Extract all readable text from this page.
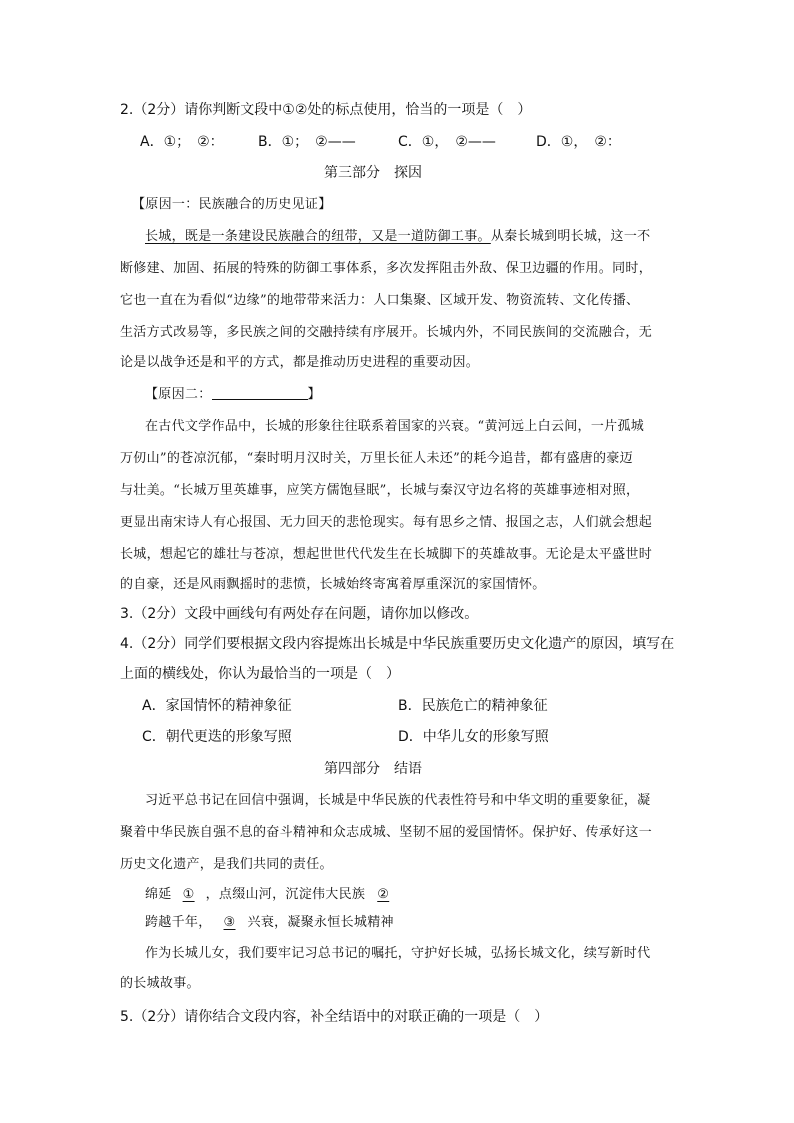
2.（2分）请你判断文段中①②处的标点使用，恰当的一项是（　）
A．①；　②： B．①；　②——	C．①，　②——	D．①，　②：
第三部分　探因
【原因一：民族融合的历史见证】
长城，既是一条建设民族融合的纽带，又是一道防御工事。从秦长城到明长城，这一不
断修建、加固、拓展的特殊的防御工事体系，多次发挥阻击外敌、保卫边疆的作用。同时，
它也一直在为看似“边缘”的地带带来活力：人口集聚、区域开发、物资流转、文化传播、
生活方式改易等，多民族之间的交融持续有序展开。长城内外，不同民族间的交流融合，无
论是以战争还是和平的方式，都是推动历史进程的重要动因。
【原因二：	】
在古代文学作品中，长城的形象往往联系着国家的兴衰。“黄河远上白云间，一片孤城
万仞山”的苍凉沉郁，“秦时明月汉时关，万里长征人未还”的耗今追昔，都有盛唐的豪迈
与壮美。“长城万里英雄事，应笑方儒饱昼眠”，长城与秦汉守边名将的英雄事迹相对照，
更显出南宋诗人有心报国、无力回天的悲怆现实。每有思乡之情、报国之志，人们就会想起
长城，想起它的雄壮与苍凉，想起世世代代发生在长城脚下的英雄故事。无论是太平盛世时
的自豪，还是风雨飘摇时的悲愤，长城始终寄寓着厚重深沉的家国情怀。
3.（2分）文段中画线句有两处存在问题，请你加以修改。
4.（2分）同学们要根据文段内容提炼出长城是中华民族重要历史文化遗产的原因，填写在
上面的横线处，你认为最恰当的一项是（　）
A．家国情怀的精神象征	B．民族危亡的精神象征
C．朝代更迭的形象写照	D．中华儿女的形象写照
第四部分　结语
习近平总书记在回信中强调，长城是中华民族的代表性符号和中华文明的重要象征，凝
聚着中华民族自强不息的奋斗精神和众志成城、坚韧不屈的爱国情怀。保护好、传承好这一
历史文化遗产，是我们共同的责任。
绵延 ① ，点缀山河，沉淀伟大民族 ②
跨越千年， ③ 兴衰，凝聚永恒长城精神
作为长城儿女，我们要牢记习总书记的嘱托，守护好长城，弘扬长城文化，续写新时代
的长城故事。
5.（2分）请你结合文段内容，补全结语中的对联正确的一项是（　）
